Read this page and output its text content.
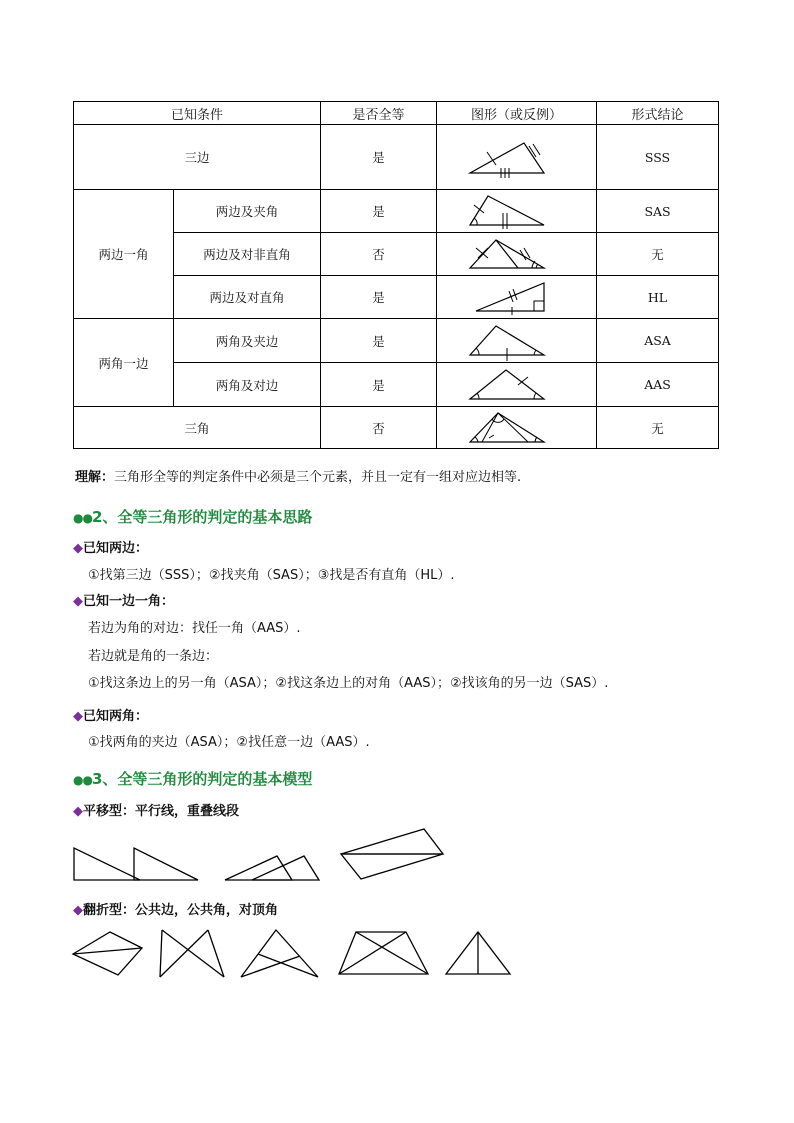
已知条件		是否全等	图形（或反例）	形式结论
三边		是		SSS
两边一角	两边及夹角	是		SAS
	两边及对非直角	否		无
	两边及对直角	是		HL
两角一边	两角及夹边	是		ASA
	两角及对边	是		AAS
三角		否		无
理解：三角形全等的判定条件中必须是三个元素，并且一定有一组对应边相等.
●●2、全等三角形的判定的基本思路
◆已知两边：
①找第三边（SSS）；②找夹角（SAS）；③找是否有直角（HL）.
◆已知一边一角：
若边为角的对边：找任一角（AAS）.
若边就是角的一条边：
①找这条边上的另一角（ASA）；②找这条边上的对角（AAS）；②找该角的另一边（SAS）.
◆已知两角：
①找两角的夹边（ASA）；②找任意一边（AAS）.
●●3、全等三角形的判定的基本模型
◆平移型：平行线，重叠线段
◆翻折型：公共边，公共角，对顶角
